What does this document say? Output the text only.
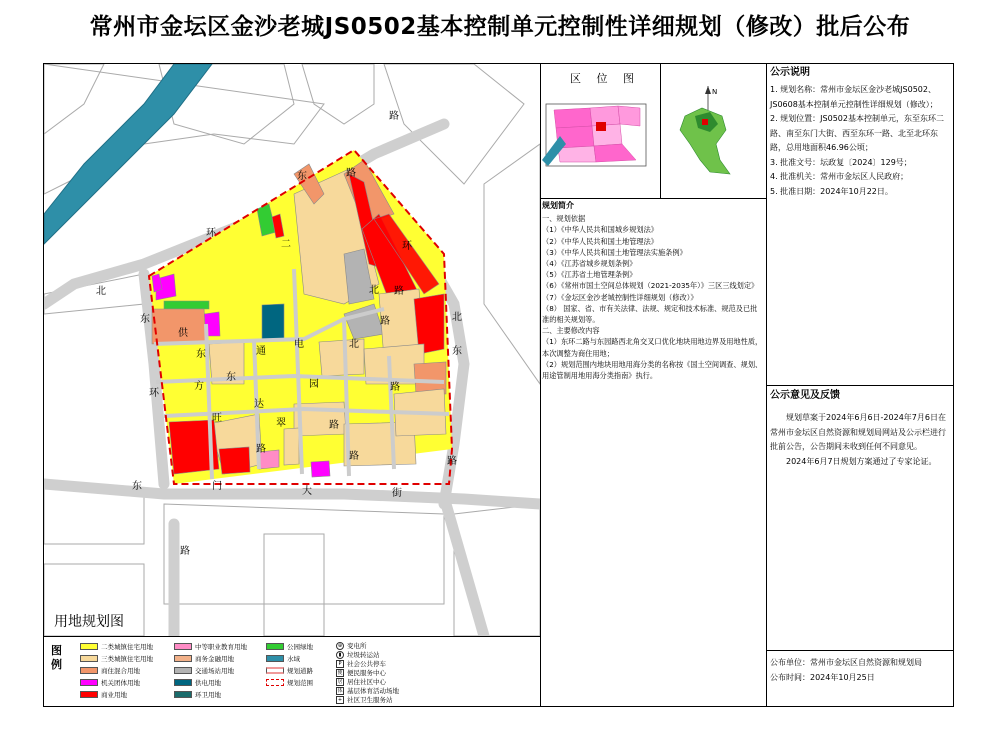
常州市金坛区金沙老城JS0502基本控制单元控制性详细规划（修改）批后公布
路
东
环
二
路
北
环
东
路
北
东
供
电
北
路
东	通
园	路
环
方
东
达
路
翠
旺
路
路
东	门	大	街
路
北
路
用地规划图
图例
二类城镇住宅用地
三类城镇住宅用地
商住混合用地
机关团体用地
商业用地
中等职业教育用地
商务金融用地
交通场站用地
供电用地
环卫用地
公园绿地
水域
规划道路
规划范围
⊕ 变电所
▮ 垃圾转运站
P 社会公共停车
便 便民服务中心
居 居住社区中心
体 基层体育活动场地
+ 社区卫生服务站
区 位 图
N
规划简介

一、规划依据

（1）《中华人民共和国城乡规划法》

（2）《中华人民共和国土地管理法》

（3）《中华人民共和国土地管理法实施条例》

（4）《江苏省城乡规划条例》

（5）《江苏省土地管理条例》

（6）《常州市国土空间总体规划（2021-2035年）》三区三线划定》

（7）《金坛区金沙老城控制性详细规划（修改）》

（8） 国家、省、市有关法律、法规、规定和技术标准、规范及已批准的相关规划等。

二、主要修改内容

（1）东环二路与东园路西北角交叉口优化地块用地边界及用地性质，本次调整为商住用地；

（2）规划范围内地块用地用海分类的名称按《国土空间调查、规划、用途管制用地用海分类指南》执行。

公示说明

1. 规划名称：常州市金坛区金沙老城JS0502、JS0608基本控制单元控制性详细规划（修改）；

2. 规划位置：JS0502基本控制单元，东至东环二路、南至东门大街、西至东环一路、北至北环东路，总用地面积46.96公顷；

3. 批准文号：坛政复〔2024〕129号；

4. 批准机关：常州市金坛区人民政府；

5. 批准日期：2024年10月22日。

公示意见及反馈

规划草案于2024年6月6日-2024年7月6日在常州市金坛区自然资源和规划局网站及公示栏进行批前公告，公告期间未收到任何不同意见。

2024年6月7日规划方案通过了专家论证。

公布单位：常州市金坛区自然资源和规划局

公布时间：2024年10月25日
